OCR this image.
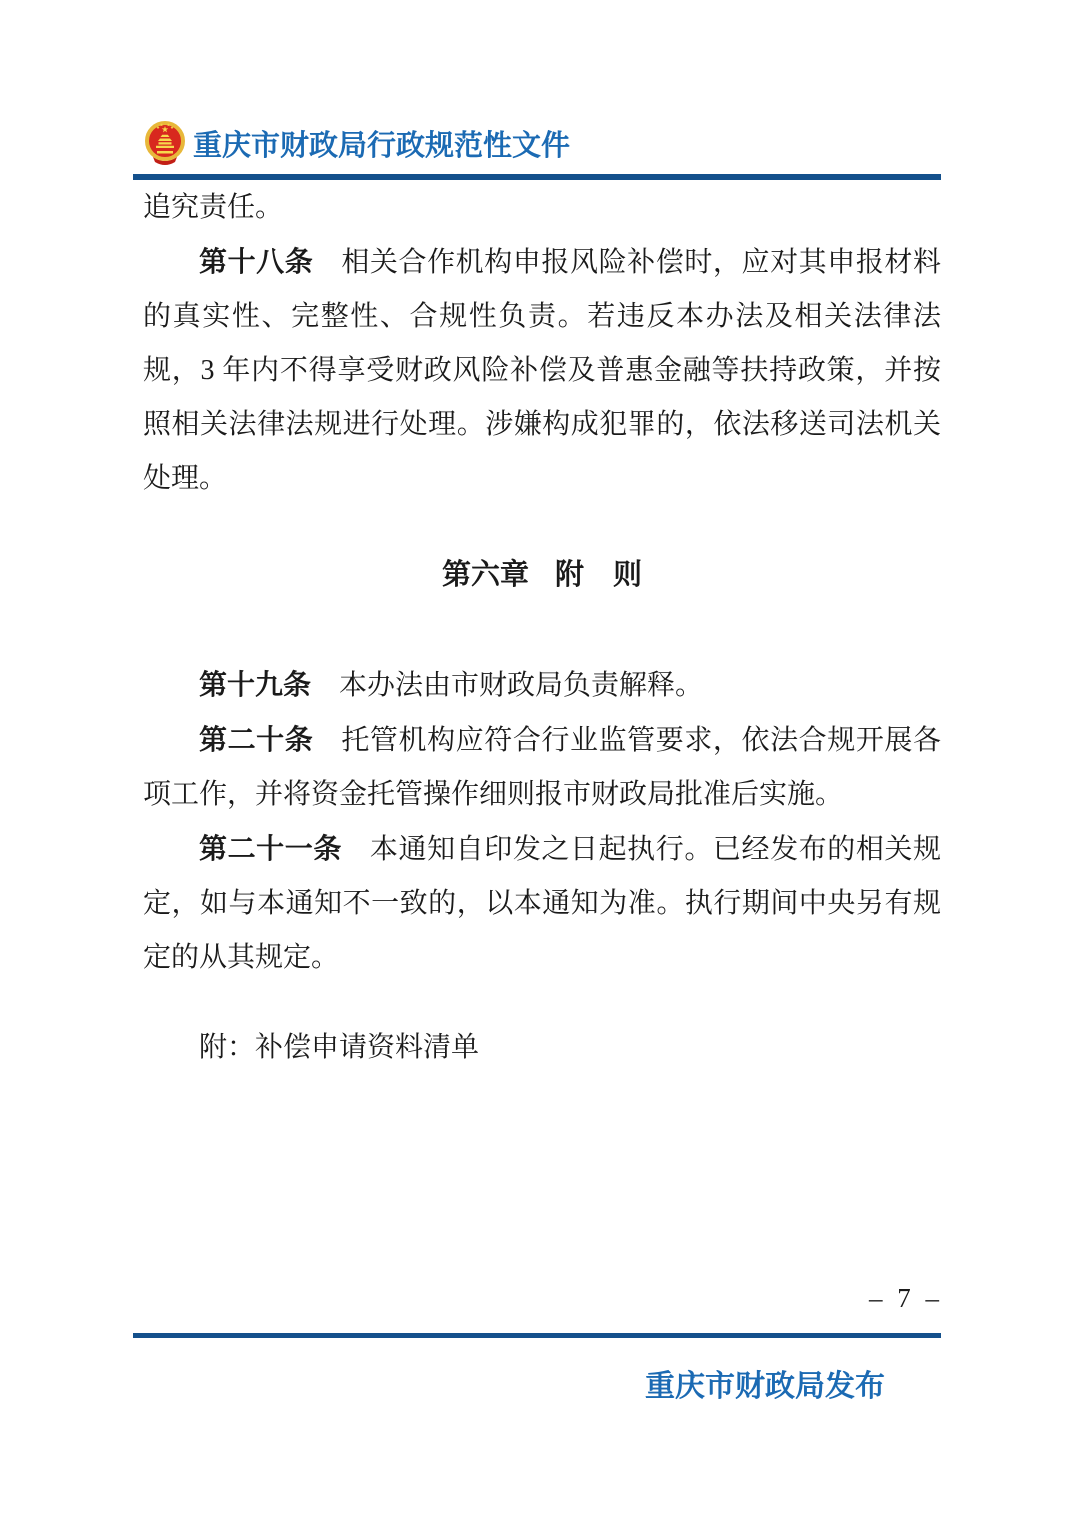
重庆市财政局行政规范性文件

追究责任。

第十八条 相关合作机构申报风险补偿时，应对其申报材料的真实性、完整性、合规性负责。若违反本办法及相关法律法规，3 年内不得享受财政风险补偿及普惠金融等扶持政策，并按照相关法律法规进行处理。涉嫌构成犯罪的，依法移送司法机关处理。

第六章 附　则

第十九条 本办法由市财政局负责解释。

第二十条 托管机构应符合行业监管要求，依法合规开展各项工作，并将资金托管操作细则报市财政局批准后实施。

第二十一条 本通知自印发之日起执行。已经发布的相关规定，如与本通知不一致的，以本通知为准。执行期间中央另有规定的从其规定。

附：补偿申请资料清单

– 7 –
重庆市财政局发布
